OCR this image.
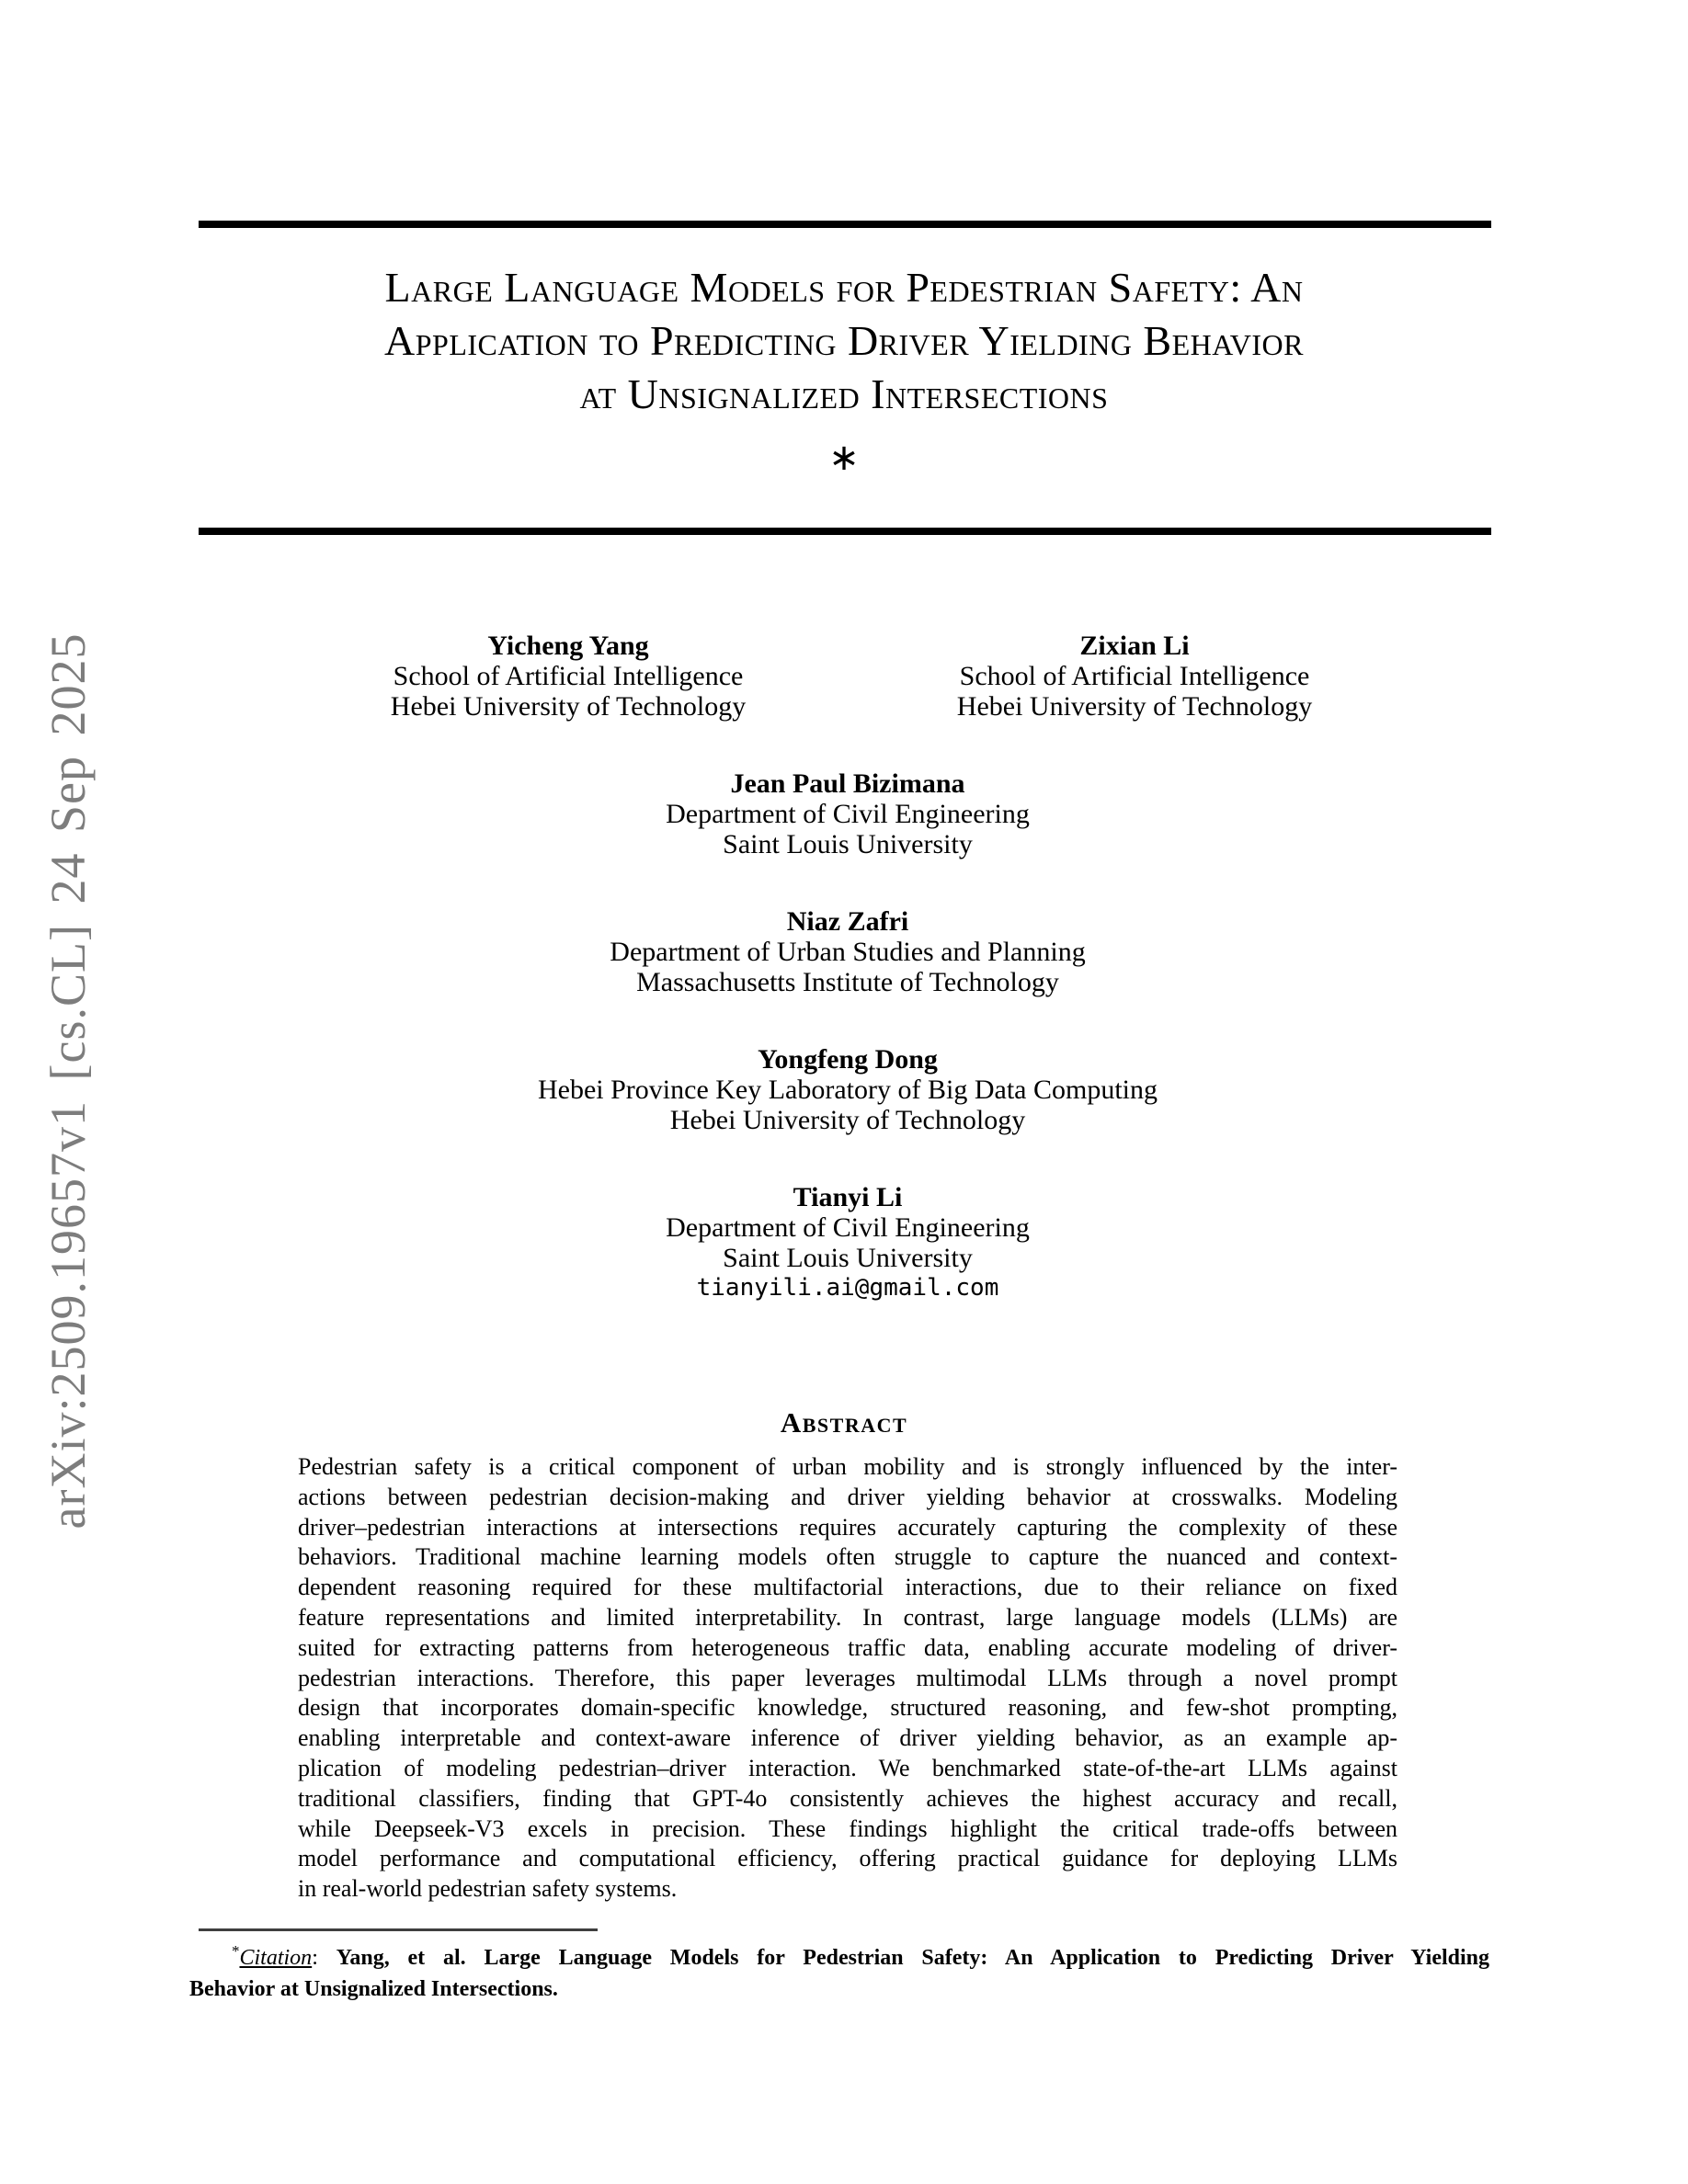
arXiv:2509.19657v1 [cs.CL] 24 Sep 2025
Large Language Models for Pedestrian Safety: An
Application to Predicting Driver Yielding Behavior
at Unsignalized Intersections
∗
Yicheng Yang
School of Artificial Intelligence
Hebei University of Technology
Zixian Li
School of Artificial Intelligence
Hebei University of Technology
Jean Paul Bizimana
Department of Civil Engineering
Saint Louis University
Niaz Zafri
Department of Urban Studies and Planning
Massachusetts Institute of Technology
Yongfeng Dong
Hebei Province Key Laboratory of Big Data Computing
Hebei University of Technology
Tianyi Li
Department of Civil Engineering
Saint Louis University
tianyili.ai@gmail.com
Abstract
Pedestrian safety is a critical component of urban mobility and is strongly influenced by the inter-
actions between pedestrian decision-making and driver yielding behavior at crosswalks. Modeling
driver–pedestrian interactions at intersections requires accurately capturing the complexity of these
behaviors. Traditional machine learning models often struggle to capture the nuanced and context-
dependent reasoning required for these multifactorial interactions, due to their reliance on fixed
feature representations and limited interpretability. In contrast, large language models (LLMs) are
suited for extracting patterns from heterogeneous traffic data, enabling accurate modeling of driver-
pedestrian interactions. Therefore, this paper leverages multimodal LLMs through a novel prompt
design that incorporates domain-specific knowledge, structured reasoning, and few-shot prompting,
enabling interpretable and context-aware inference of driver yielding behavior, as an example ap-
plication of modeling pedestrian–driver interaction. We benchmarked state-of-the-art LLMs against
traditional classifiers, finding that GPT-4o consistently achieves the highest accuracy and recall,
while Deepseek-V3 excels in precision. These findings highlight the critical trade-offs between
model performance and computational efficiency, offering practical guidance for deploying LLMs
in real-world pedestrian safety systems.
*Citation: Yang, et al. Large Language Models for Pedestrian Safety: An Application to Predicting Driver Yielding
Behavior at Unsignalized Intersections.
